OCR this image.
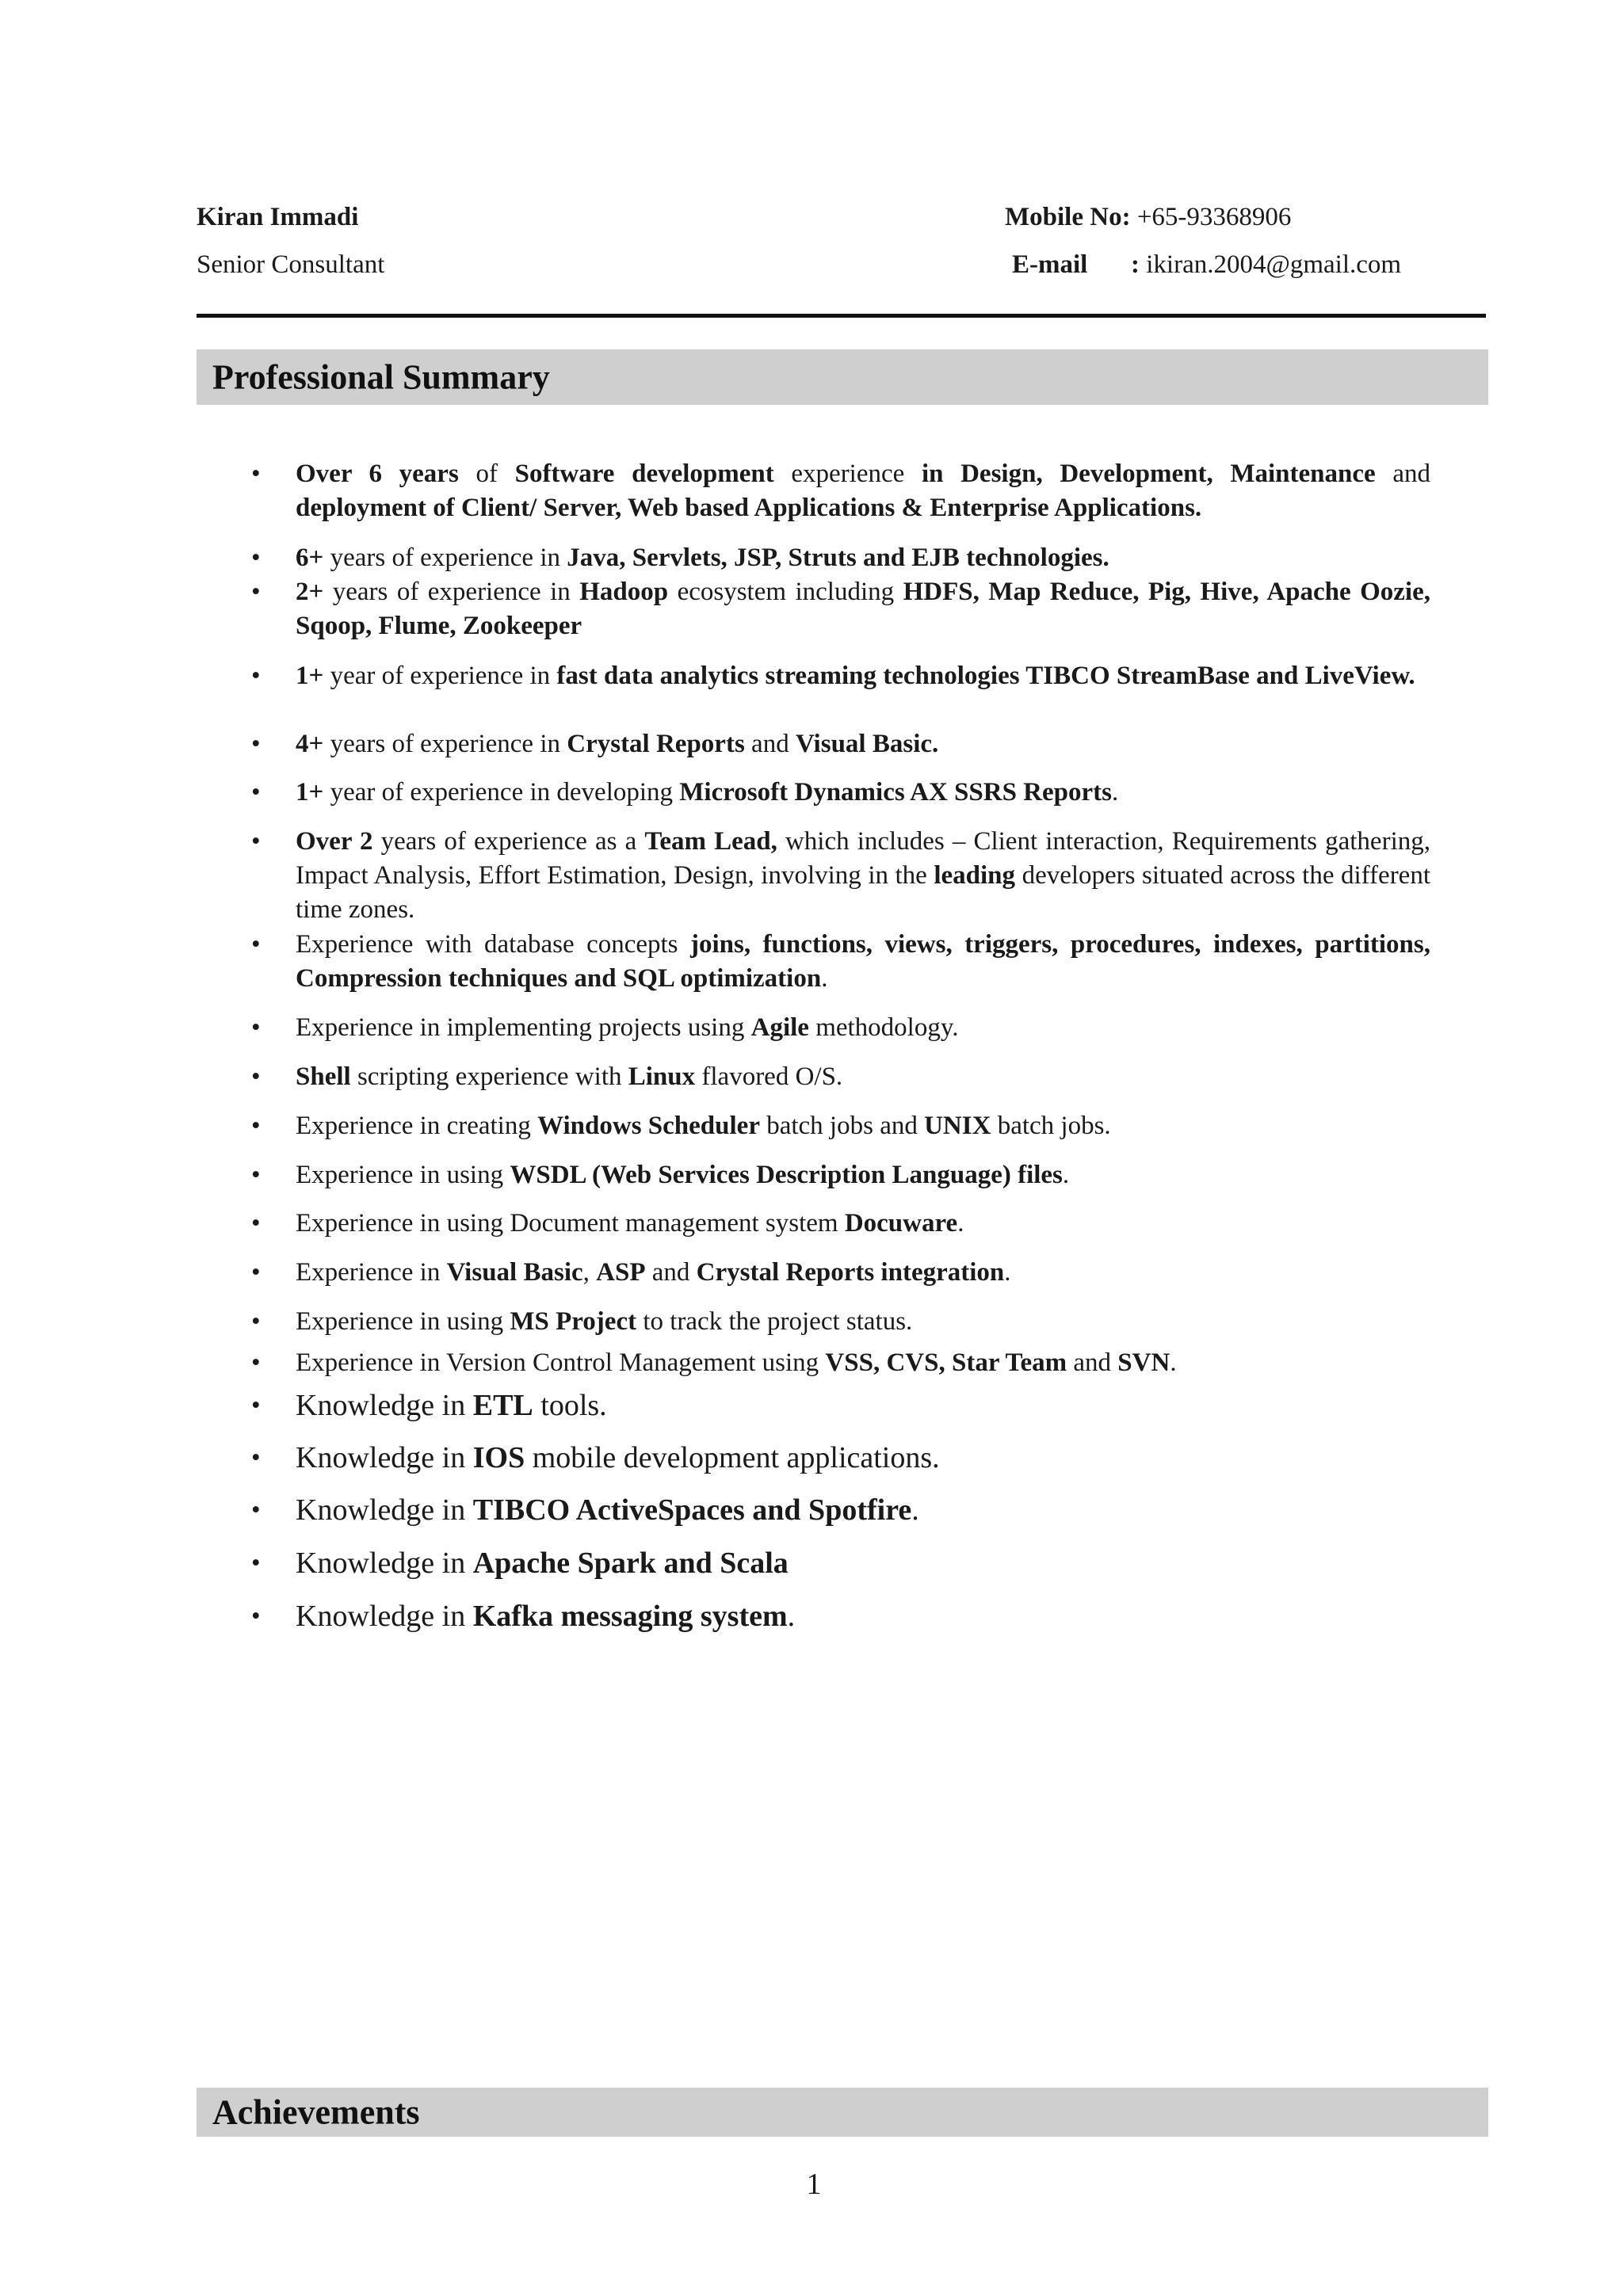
Kiran Immadi
Senior Consultant
Mobile No: +65-93368906
E-mail : ikiran.2004@gmail.com
Professional Summary
• Over 6 years of Software development experience in Design, Development, Maintenance and deployment of Client/ Server, Web based Applications & Enterprise Applications.
• 6+ years of experience in Java, Servlets, JSP, Struts and EJB technologies.
• 2+ years of experience in Hadoop ecosystem including HDFS, Map Reduce, Pig, Hive, Apache Oozie, Sqoop, Flume, Zookeeper
• 1+ year of experience in fast data analytics streaming technologies TIBCO StreamBase and LiveView.
• 4+ years of experience in Crystal Reports and Visual Basic.
• 1+ year of experience in developing Microsoft Dynamics AX SSRS Reports.
• Over 2 years of experience as a Team Lead, which includes – Client interaction, Requirements gathering, Impact Analysis, Effort Estimation, Design, involving in the leading developers situated across the different time zones.
• Experience with database concepts joins, functions, views, triggers, procedures, indexes, partitions, Compression techniques and SQL optimization.
• Experience in implementing projects using Agile methodology.
• Shell scripting experience with Linux flavored O/S.
• Experience in creating Windows Scheduler batch jobs and UNIX batch jobs.
• Experience in using WSDL (Web Services Description Language) files.
• Experience in using Document management system Docuware.
• Experience in Visual Basic, ASP and Crystal Reports integration.
• Experience in using MS Project to track the project status.
• Experience in Version Control Management using VSS, CVS, Star Team and SVN.
• Knowledge in ETL tools.
• Knowledge in IOS mobile development applications.
• Knowledge in TIBCO ActiveSpaces and Spotfire.
• Knowledge in Apache Spark and Scala
• Knowledge in Kafka messaging system.
Achievements
1
